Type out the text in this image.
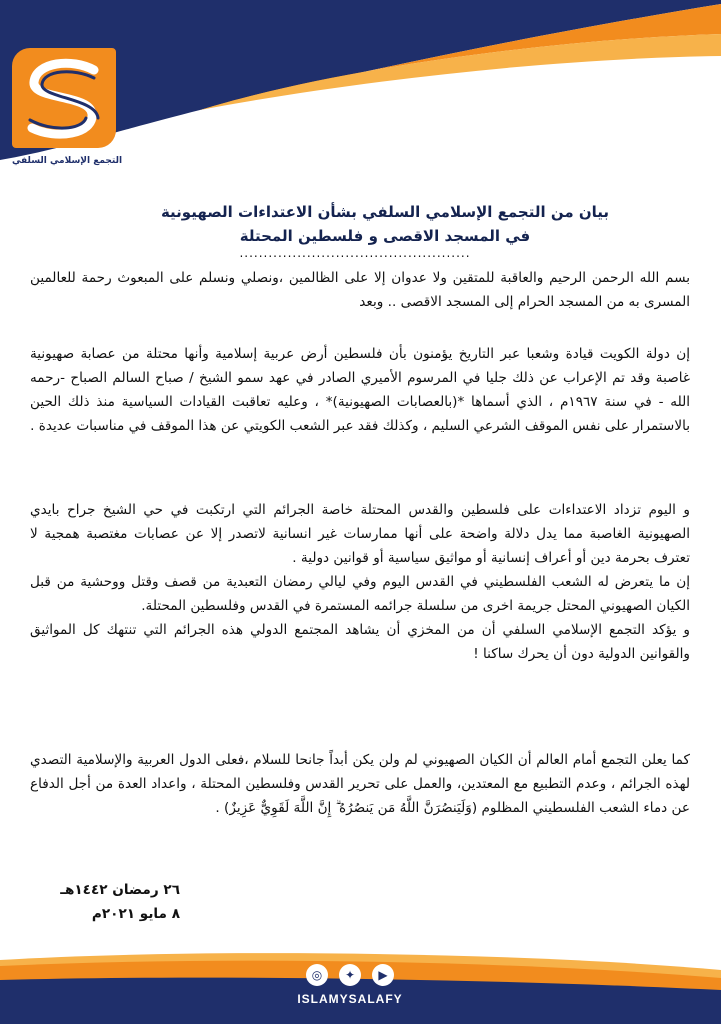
التجمع الإسلامي السلفي
بيان من التجمع الإسلامي السلفي بشأن الاعتداءات الصهيونية
في المسجد الاقصى و فلسطين المحتلة
................................................
بسم الله الرحمن الرحيم والعاقبة للمتقين ولا عدوان إلا على الظالمين ،ونصلي ونسلم على المبعوث رحمة للعالمين المسرى به من المسجد الحرام إلى المسجد الاقصى .. وبعد
إن دولة الكويت قيادة وشعبا عبر التاريخ يؤمنون بأن فلسطين أرض عربية إسلامية وأنها محتلة من عصابة صهيونية غاصبة وقد تم الإعراب عن ذلك جليا في المرسوم الأميري الصادر في عهد سمو الشيخ / صباح السالم الصباح -رحمه الله - في سنة ١٩٦٧م ، الذي أسماها *(بالعصابات الصهيونية)* ، وعليه تعاقبت القيادات السياسية منذ ذلك الحين بالاستمرار على نفس الموقف الشرعي السليم ، وكذلك فقد عبر الشعب الكويتي عن هذا الموقف في مناسبات عديدة .
و اليوم تزداد الاعتداءات على فلسطين والقدس المحتلة خاصة الجرائم التي ارتكبت في حي الشيخ جراح بايدي الصهيونية الغاصبة مما يدل دلالة واضحة على أنها ممارسات غير انسانية لاتصدر إلا عن عصابات مغتصبة همجية لا تعترف بحرمة دين أو أعراف إنسانية أو مواثيق سياسية أو قوانين دولية .
إن ما يتعرض له الشعب الفلسطيني في القدس اليوم وفي ليالي رمضان التعبدية من قصف وقتل ووحشية من قبل الكيان الصهيوني المحتل جريمة اخرى من سلسلة جرائمه المستمرة في القدس وفلسطين المحتلة.
و يؤكد التجمع الإسلامي السلفي أن من المخزي أن يشاهد المجتمع الدولي هذه الجرائم التي تنتهك كل المواثيق والقوانين الدولية دون أن يحرك ساكنا !
كما يعلن التجمع أمام العالم أن الكيان الصهيوني لم ولن يكن أبداً جانحا للسلام ،فعلى الدول العربية والإسلامية التصدي لهذه الجرائم ، وعدم التطبيع مع المعتدين، والعمل على تحرير القدس وفلسطين المحتلة ، واعداد العدة من أجل الدفاع عن دماء الشعب الفلسطيني المظلوم (وَلَيَنصُرَنَّ اللَّهُ مَن يَنصُرُهُ ۗ إِنَّ اللَّهَ لَقَوِيٌّ عَزِيزٌ) .
٢٦ رمضان ١٤٤٢هـ
٨ مايو ٢٠٢١م
◎	✦	▶
ISLAMYSALAFY
